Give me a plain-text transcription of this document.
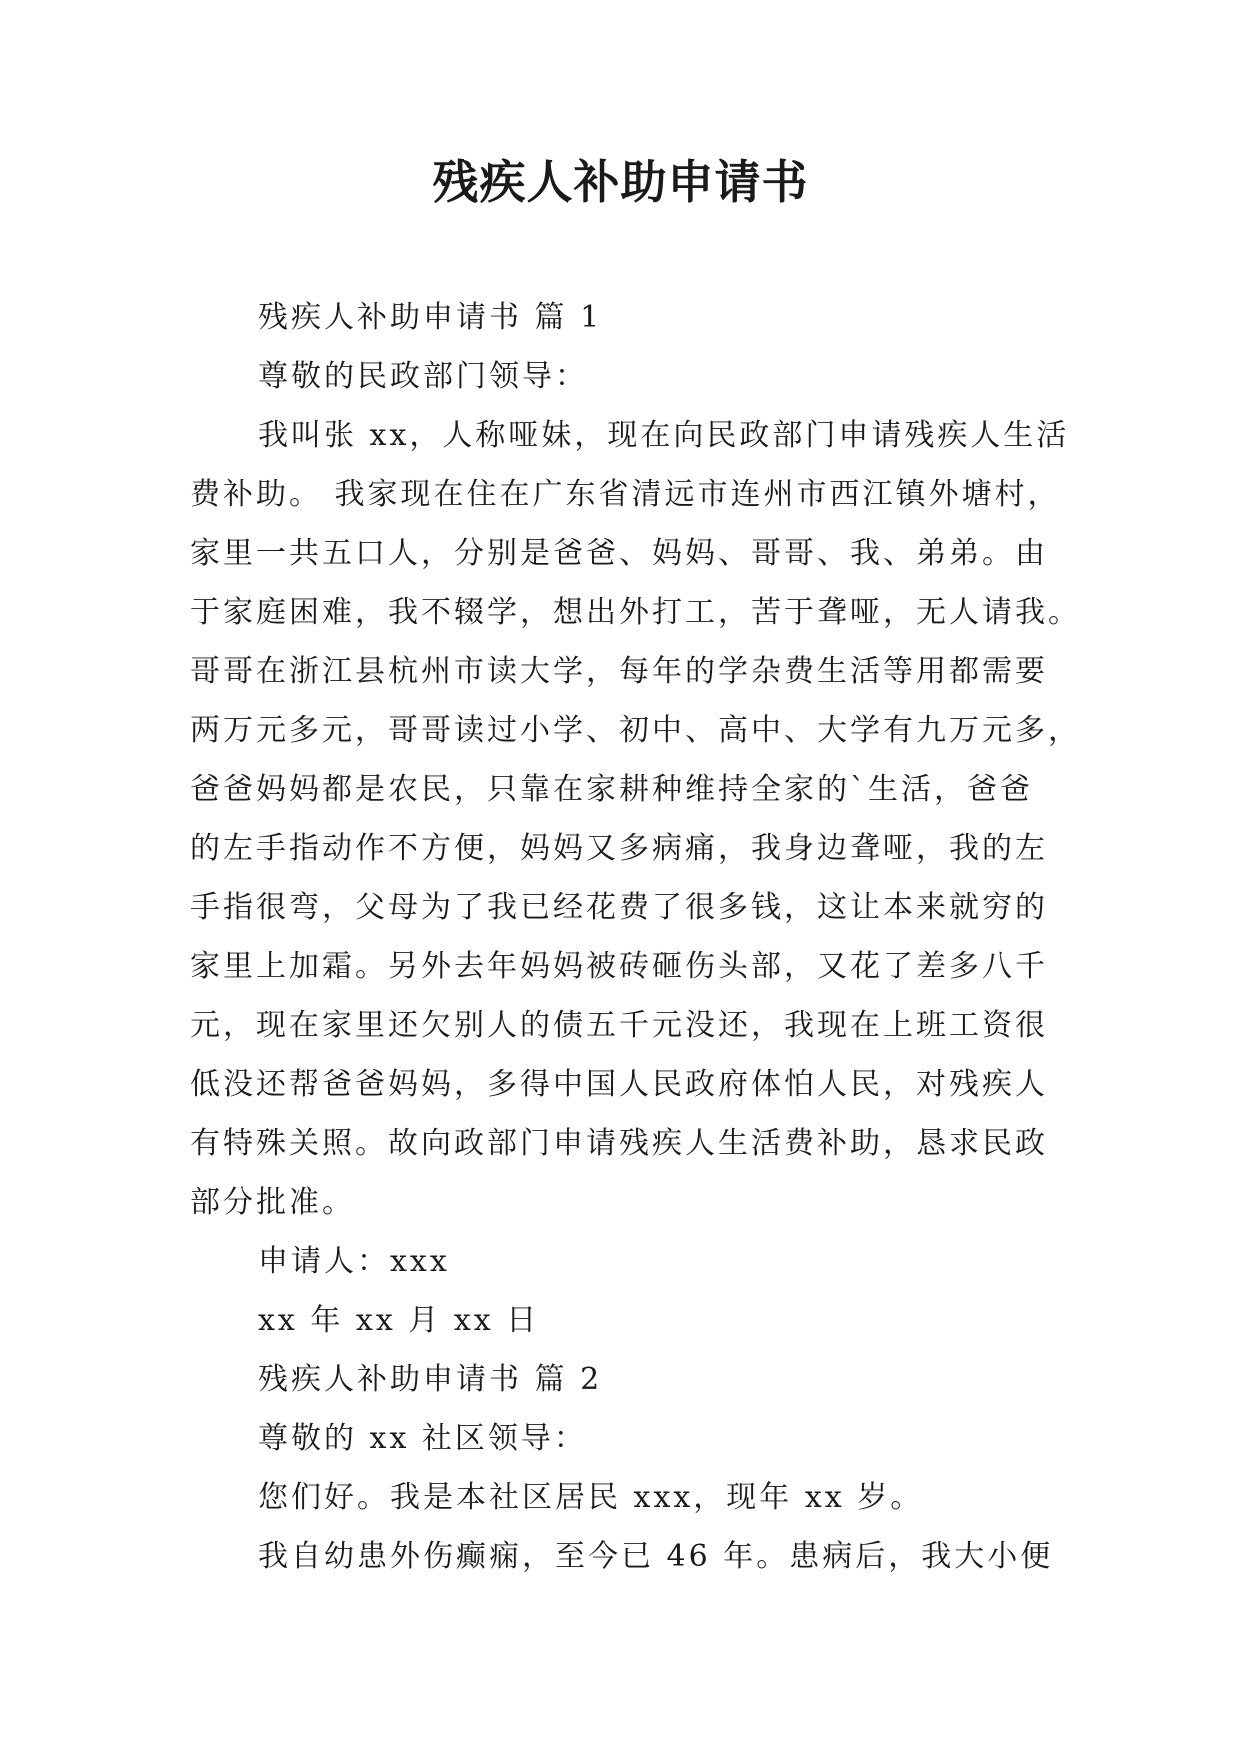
残疾人补助申请书
残疾人补助申请书 篇 1
尊敬的民政部门领导：
我叫张 xx，人称哑妹，现在向民政部门申请残疾人生活
费补助。 我家现在住在广东省清远市连州市西江镇外塘村，
家里一共五口人，分别是爸爸、妈妈、哥哥、我、弟弟。由
于家庭困难，我不辍学，想出外打工，苦于聋哑，无人请我。
哥哥在浙江县杭州市读大学，每年的学杂费生活等用都需要
两万元多元，哥哥读过小学、初中、高中、大学有九万元多，
爸爸妈妈都是农民，只靠在家耕种维持全家的`生活，爸爸
的左手指动作不方便，妈妈又多病痛，我身边聋哑，我的左
手指很弯，父母为了我已经花费了很多钱，这让本来就穷的
家里上加霜。另外去年妈妈被砖砸伤头部，又花了差多八千
元，现在家里还欠别人的债五千元没还，我现在上班工资很
低没还帮爸爸妈妈，多得中国人民政府体怕人民，对残疾人
有特殊关照。故向政部门申请残疾人生活费补助，恳求民政
部分批准。
申请人：xxx
xx 年 xx 月 xx 日
残疾人补助申请书 篇 2
尊敬的 xx 社区领导：
您们好。我是本社区居民 xxx，现年 xx 岁。
我自幼患外伤癫痫，至今已 46 年。患病后，我大小便
